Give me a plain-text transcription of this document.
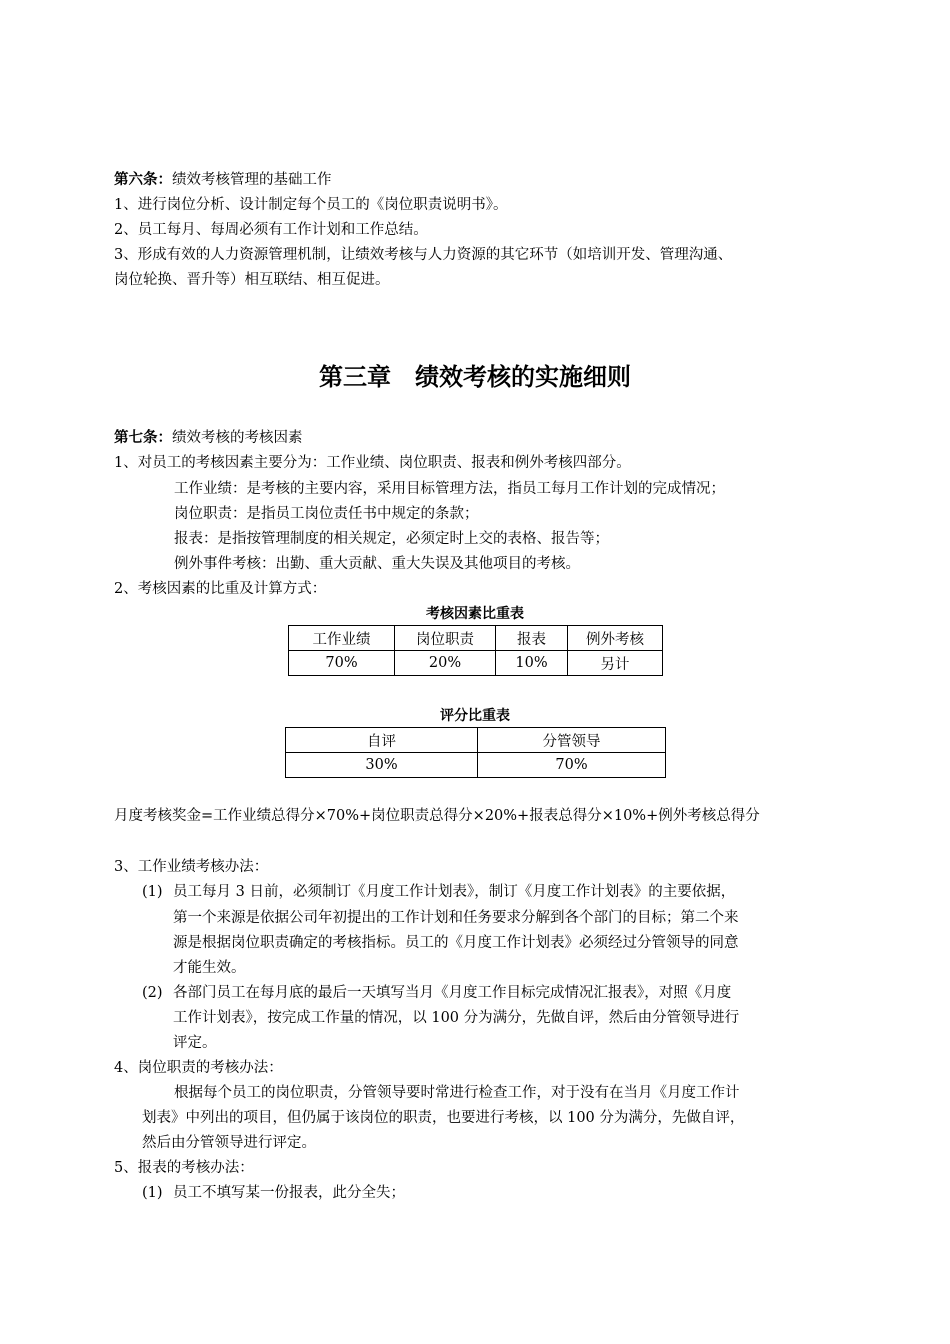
第六条：绩效考核管理的基础工作
1、进行岗位分析、设计制定每个员工的《岗位职责说明书》。
2、员工每月、每周必须有工作计划和工作总结。
3、形成有效的人力资源管理机制，让绩效考核与人力资源的其它环节（如培训开发、管理沟通、
岗位轮换、晋升等）相互联结、相互促进。
第三章　绩效考核的实施细则
第七条：绩效考核的考核因素
1、对员工的考核因素主要分为：工作业绩、岗位职责、报表和例外考核四部分。
工作业绩：是考核的主要内容，采用目标管理方法，指员工每月工作计划的完成情况；
岗位职责：是指员工岗位责任书中规定的条款；
报表：是指按管理制度的相关规定，必须定时上交的表格、报告等；
例外事件考核：出勤、重大贡献、重大失误及其他项目的考核。
2、考核因素的比重及计算方式：
考核因素比重表
工作业绩	岗位职责	报表	例外考核
70%	20%	10%	另计
评分比重表
自评	分管领导
30%	70%
月度考核奖金=工作业绩总得分×70%+岗位职责总得分×20%+报表总得分×10%+例外考核总得分
3、工作业绩考核办法：
(1) 员工每月 3 日前，必须制订《月度工作计划表》，制订《月度工作计划表》的主要依据，
第一个来源是依据公司年初提出的工作计划和任务要求分解到各个部门的目标；第二个来
源是根据岗位职责确定的考核指标。员工的《月度工作计划表》必须经过分管领导的同意
才能生效。
(2) 各部门员工在每月底的最后一天填写当月《月度工作目标完成情况汇报表》，对照《月度
工作计划表》，按完成工作量的情况，以 100 分为满分，先做自评，然后由分管领导进行
评定。
4、岗位职责的考核办法：
根据每个员工的岗位职责，分管领导要时常进行检查工作，对于没有在当月《月度工作计
划表》中列出的项目，但仍属于该岗位的职责，也要进行考核，以 100 分为满分，先做自评，
然后由分管领导进行评定。
5、报表的考核办法：
(1) 员工不填写某一份报表，此分全失；
